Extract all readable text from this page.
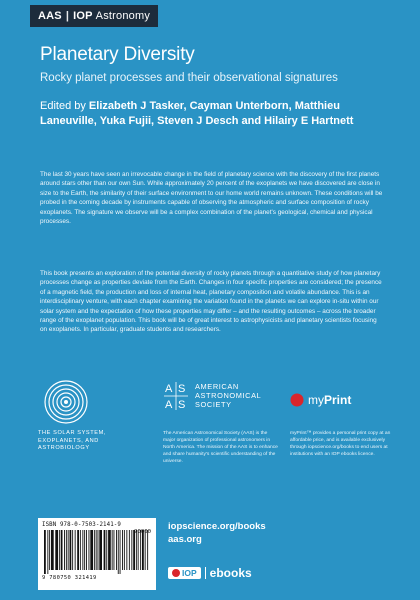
AAS | IOP Astronomy
Planetary Diversity
Rocky planet processes and their observational signatures
Edited by Elizabeth J Tasker, Cayman Unterborn, Matthieu Laneuville, Yuka Fujii, Steven J Desch and Hilairy E Hartnett

The last 30 years have seen an irrevocable change in the field of planetary science with the discovery of the first planets around stars other than our own Sun. While approximately 20 percent of the exoplanets we have discovered are close in size to the Earth, the similarity of their surface environment to our home world remains unknown. These conditions will be probed in the coming decade by instruments capable of observing the atmospheric and surface composition of rocky exoplanets. The signature we observe will be a complex combination of the planet's geological, chemical and physical processes.

This book presents an exploration of the potential diversity of rocky planets through a quantitative study of how planetary processes change as properties deviate from the Earth. Changes in four specific properties are considered; the presence of a magnetic field, the production and loss of internal heat, planetary composition and volatile abundance. This is an interdisciplinary venture, with each chapter examining the variation found in the planets we can explore in-situ within our solar system and the expectation of how these properties may differ – and the resulting outcomes – across the broader range of the exoplanet population. This book will be of great interest to astrophysicists and planetary scientists focusing on exoplanets. In particular, graduate students and researchers.

THE SOLAR SYSTEM,
EXOPLANETS, AND
ASTROBIOLOGY
A S
A S
AMERICAN
ASTRONOMICAL
SOCIETY
The American Astronomical Society (AAS) is the major organization of professional astronomers in North America. The mission of the AAS is to enhance and share humanity's scientific understanding of the universe.
myPrint
myPrint™ provides a personal print copy at an affordable price, and is available exclusively through iopscience.org/books to end users at institutions with an IOP ebooks licence.
ISBN 978-0-7503-2141-9
90000
9 780750 321419
iopscience.org/books
aas.org
IOP ebooks
